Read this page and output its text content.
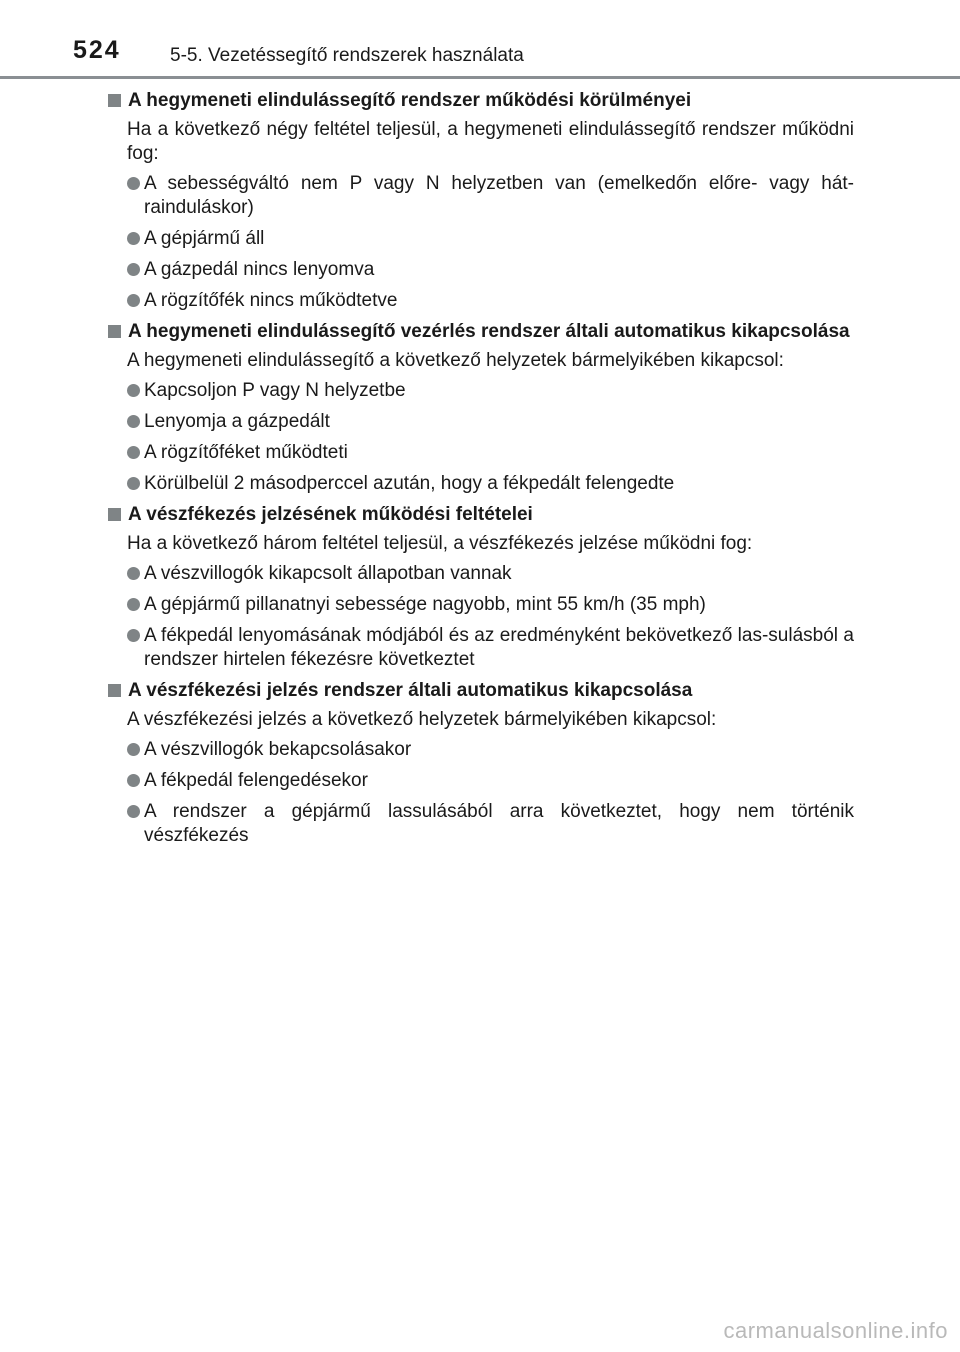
524	5-5. Vezetéssegítő rendszerek használata
A hegymeneti elindulássegítő rendszer működési körülményei
Ha a következő négy feltétel teljesül, a hegymeneti elindulássegítő rendszer működni fog:
A sebességváltó nem P vagy N helyzetben van (emelkedőn előre- vagy hát-rainduláskor)
A gépjármű áll
A gázpedál nincs lenyomva
A rögzítőfék nincs működtetve
A hegymeneti elindulássegítő vezérlés rendszer általi automatikus kikapcsolása
A hegymeneti elindulássegítő a következő helyzetek bármelyikében kikapcsol:
Kapcsoljon P vagy N helyzetbe
Lenyomja a gázpedált
A rögzítőféket működteti
Körülbelül 2 másodperccel azután, hogy a fékpedált felengedte
A vészfékezés jelzésének működési feltételei
Ha a következő három feltétel teljesül, a vészfékezés jelzése működni fog:
A vészvillogók kikapcsolt állapotban vannak
A gépjármű pillanatnyi sebessége nagyobb, mint 55 km/h (35 mph)
A fékpedál lenyomásának módjából és az eredményként bekövetkező las-sulásból a rendszer hirtelen fékezésre következtet
A vészfékezési jelzés rendszer általi automatikus kikapcsolása
A vészfékezési jelzés a következő helyzetek bármelyikében kikapcsol:
A vészvillogók bekapcsolásakor
A fékpedál felengedésekor
A rendszer a gépjármű lassulásából arra következtet, hogy nem történik vészfékezés
carmanualsonline.info
